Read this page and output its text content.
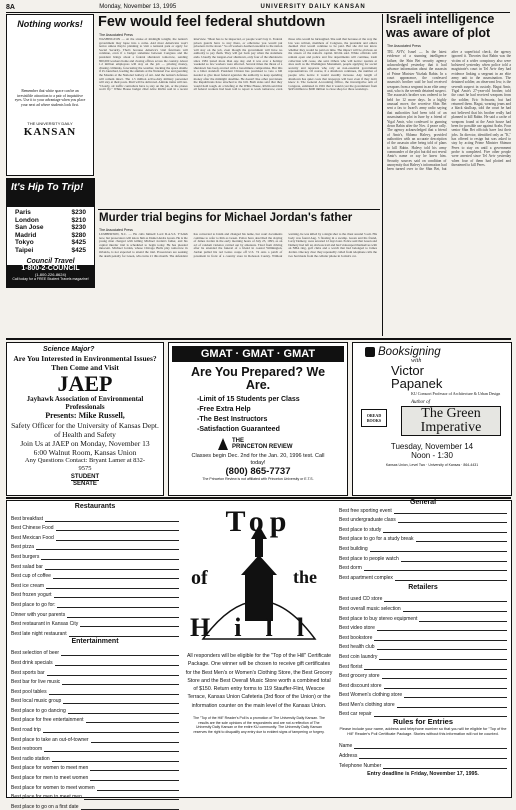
8A	Monday, November 13, 1995	UNIVERSITY DAILY KANSAN
Nothing works!
Remember that white space can be an irresistible attraction to a pair of inquisitive eyes. Use it to your advantage when you place your next ad where students look first.
THE UNIVERSITY DAILY
KANSAN
It's Hip To Trip!
Paris	$230
London	$210
San Jose	$230
Madrid	$280
Tokyo	$425
Taipei	$425
Council Travel
1-800-2-COUNCIL
(1-800-226-8624)
Call today for a FREE Student Travels magazine!
Few would feel federal shutdown
The Associated Press
WASHINGTON — At the stroke of midnight tonight, the nation's government may lapse into a coma. And most Americans won't notice unless they're planning to visit a national park or apply for Social Security. That's because America's vital functions will continue, even if a budget stalemate between Congress and the president brings about a federal shutdown tomorrow, sending 800,000 workers home and closing offices across the country. About 1.2 million employees will stay on the job — piloting money, chasing criminals, forecasting the weather, tracking the space shuttle if it's launched, feeding the animals at the National Zoo and guarding the Mounts at the National Gallery of Art. And the nation's defenses will remain intact. The 1.5 million active-duty military personnel will stay at their posts. Mail will be delivered. Amtrak trains will run. "Clearly, air traffic controllers have to stay on the job, or the planes won't fly." White House budget chief Alice Rivlin said in a recent interview. "Meat has to be inspected, or people won't buy it. Federal prison guards have to stay there, or otherwise you would put prisoners in the street." So all workers deemed essential to the nation will stay on the job, even though the government will have no authority to pay them. They will get back pay when the stalemate ends. Usually the longest-ever shutdown, only four of the shutdowns since 1981 lasted more than one day, and it was over a holiday weekend so few workers were affected. Several times the threat of a shutdown has been averted with a last-minute compromise. But this is a bitter standoff. President Clinton has promised to veto a bill needed to give most federal agencies the authority to keep spending money after the midnight deadline. He doesn't like other provisions the Republicans have attached to the bill. Both sides said that they would hold tough. At a briefing at the White House, Rivlin said that all federal workers had been told to report to work tomorrow, even those who would be furloughed. She said that because of the way the law was written, members of Congress, the president and others deemed vital would continue to be paid. But she did not know whether they would be paid on time. The impact will be obvious on the streets of the nation's capital. Rivlin said. White officials will remain open and police and fire departments will continue, trash collection will cease, she said. Others who will notice: tourists at sites such as the Washington Monument, people applying for social security and reporters who rely on non-essential government representatives. Of course, if a shutdown continues, the number of people who notice it would steadily increase. Any length of shutdown has quiet costs that taxpayers will bear even if they don't know it. The General Accounting Office, the investigative arm of Congress, estimated in 1991 that it would cost the government from $245 million to $600 million to close shop for three weekdays.
Israeli intelligence was aware of plot
The Associated Press
TEL AVIV, Israel — In the latest evidence of a stunning intelligence failure, the Shin Bet security agency acknowledged yesterday that it had advance information about the assassin of Prime Minister Yitzhak Rabin. In a court appearance, the confessed assassin's brother said he had received weapons from a sergeant in an elite army unit, who is the seventh detained suspect. The assassin's brother was ordered to be held for 12 more days. In a highly unusual move, the secretive Shin Bet sent a fax to Israel's army radio saying that authorities had been told of an assassination plot in June by a friend of Yigal Amir, who confessed to gunning down Rabin after the Nov. 4 peace rally. The agency acknowledged that a friend of Amir's, Shlomo Halevy, provided authorities with an accurate description of the assassin after being told of plans to kill Rabin. Halevy told his army commander of the plot but did not reveal Amir's name or say he knew him. Security sources said on condition of anonymity that Halevy's information had been turned over to the Shin Bet, but after a superficial check, the agency ignored it. Theories that Rabin was the victim of a wider conspiracy also were bolstered yesterday when police told a magistrate's court in Tel Aviv they had evidence linking a sergeant in an elite army unit to the assassination. The detained soldier, an observant Jew, is the seventh suspect in custody. Hagai Amir, Yigal Amir's 27-year-old brother, told the court he had received weapons from the soldier, Eric Schwartz, but had returned them. Hagai, wearing jeans and a black skullcap, told the court he had not believed that his brother really had planned to kill Rabin. He said a cache of weapons found at the Amir house had been for possible use against Arabs. Four senior Shin Bet officials have lost their jobs. Its director, identified only as "K," has offered to resign but was asked to stay by acting Prime Minister Shimon Peres to stay on until a government probe is completed. Five other people were arrested since Tel Aviv yesterday when four of them had plotted and threatened to kill Peres.
Murder trial begins for Michael Jordan's father
The Associated Press
LUMBERTON, N.C. — He calls himself Lord D.A.S.S. Y'Allah now, but prosecutors will know him as Daniel Andre Green. He is the young man charged with killing Michael Jordan's father, and his capital murder trial is scheduled to begin today. He has pleaded innocent. Michael Jordan, whose Chicago Bulls play tomorrow in Orlando, is not expected to attend the trial. Prosecutors are seeking the death penalty for Green, who turns 21 this month. The defendant has converted to Islam and changed his name, but court documents continue to refer to him as Green. Police have described the slaying of James Jordan in the early morning hours of July 23, 1993, as an act of random violence carried out by amateurs. Tired from driving after he attended the funeral of a friend in coastal Wilmington, Jordan pulled his red Lexus coupe off U.S. 74 onto a patch of pavement in front of a country store in Robeson County. Without warning, he was killed by a single shot to the chest around 3 a.m. His body was found Aug. 3 floating in a swamp. Green and his friend, Larry Demery, were arrested 12 days later. Police said that Green and Demery had left an obvious trail and had videotaped themselves with an NBA ring, golf clubs and a watch that had belonged to James Jordan. One key clue: they repeatedly called from telephone calls the two had made from the cellular phone in Jordan's car.
Science Major?
Are You Interested in Environmental Issues? Then Come and Visit
JAEP
Jayhawk Association of Environmental Professionals
Presents: Mike Russell,
Safety Officer for the University of Kansas Dept. of Health and Safety
Join Us at JAEP on Monday, November 13
6:00 Walnut Room, Kansas Union
Any Questions Contact: Bryant Lamer at 832-9575
STUDENT
SENATE
GMAT · GMAT · GMAT
Are You Prepared? We Are.
-Limit of 15 Students per Class
-Free Extra Help
-The Best Instructors
-Satisfaction Guaranteed
THE
PRINCETON REVIEW
Classes begin Dec. 2nd for the Jan. 20, 1996 test. Call today!
(800) 865-7737
The Princeton Review is not affiliated with Princeton University or E.T.S.
Booksigning
with
Victor
Papanek
KU Comsort Professor of Architecture & Urban Design
OREAD BOOKS
Author of
The Green
Imperative
Tuesday, November 14
Noon - 1:30
Kansas Union, Level Two · University of Kansas · 864-4431
Restaurants
Best breakfast
Best Chinese Food
Best Mexican Food
Best pizza
Best burgers
Best salad bar
Best cup of coffee
Best ice cream
Best frozen yogurt
Best place to go for:
Dinner with your parents
Best restaurant in Kansas City
Best late night restaurant
Entertainment
Best selection of beer
Best drink specials
Best sports bar
Best bar for live music
Best pool tables
Best local music group
Best place to go dancing
Best place for free entertainment
Best road trip
Best place to take an out-of-towner
Best restroom
Best radio station
Best place for women to meet men
Best place for men to meet women
Best place for women to meet women
Best place for men to meet men
Best place to go on a first date
Top
of	the
Hill
All responders will be eligible for the "Top of the Hill" Certificate Package. One winner will be chosen to receive gift certificates for the Best Men's or Women's Clothing Store, the Best Grocery Store and the Best Overall Music Store worth a combined total of $150. Return entry forms to 119 Stauffer-Flint, Wescoe Terrace, Kansas Union Cafeteria (3rd floor of the Union) or the information counter on the main level of the Kansas Union.
The "Top of the Hill" Reader's Poll is a promotion of The University Daily Kansan. The results are the sole opinions of the respondents and are not a reflection of The University Daily Kansan or the entire KU community. The University Daily Kansan reserves the right to disqualify any entry due to evident signs of tampering or forgery.
General
Best free sporting event
Best undergraduate class
Best place to study
Best place to go for a study break
Best building
Best place to people watch
Best dorm
Best apartment complex
Retailers
Best used CD store
Best overall music selection
Best place to buy stereo equipment
Best video store
Best bookstore
Best health club
Best coin laundry
Best florist
Best grocery store
Best discount store
Best Women's clothing store
Best Men's clothing store
Best car repair
Rules for Entries
Please include your name, address and telephone number so that you will be eligible for "Top of the Hill" Reader's Poll Certificate Package. Stories without this information will not be counted.
Name
Address
Telephone Number
Entry deadline is Friday, November 17, 1995.
